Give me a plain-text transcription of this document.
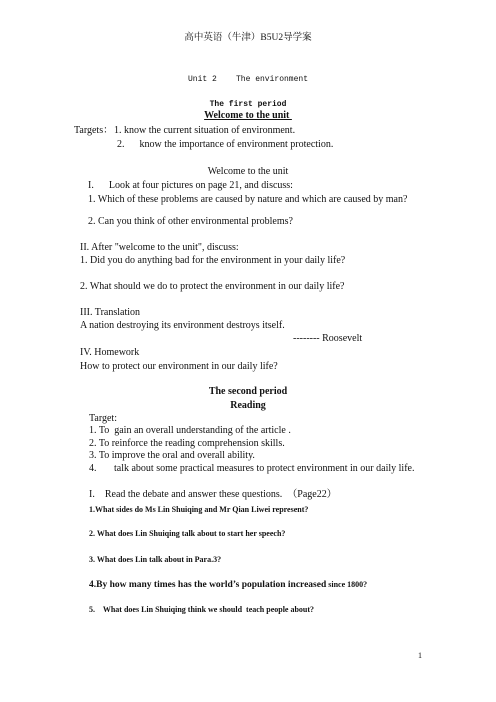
高中英语（牛津）B5U2导学案
Unit 2    The environment
The first period
Welcome to the unit
Targets： 1. know the current situation of environment.
2.      know the importance of environment protection.
Welcome to the unit
I.      Look at four pictures on page 21, and discuss:
1. Which of these problems are caused by nature and which are caused by man?
2. Can you think of other environmental problems?
II. After "welcome to the unit", discuss:
1. Did you do anything bad for the environment in your daily life?
2. What should we do to protect the environment in our daily life?
III. Translation
A nation destroying its environment destroys itself.
-------- Roosevelt
IV. Homework
How to protect our environment in our daily life?
The second period
Reading
Target:
1. To  gain an overall understanding of the article .
2. To reinforce the reading comprehension skills.
3. To improve the oral and overall ability.
4.       talk about some practical measures to protect environment in our daily life.
I.    Read the debate and answer these questions.  （Page22）
1.What sides do Ms Lin Shuiqing and Mr Qian Liwei represent?
2. What does Lin Shuiqing talk about to start her speech?
3. What does Lin talk about in Para.3?
4.By how many times has the world’s population increased since 1800?
5.    What does Lin Shuiqing think we should  teach people about?
1
